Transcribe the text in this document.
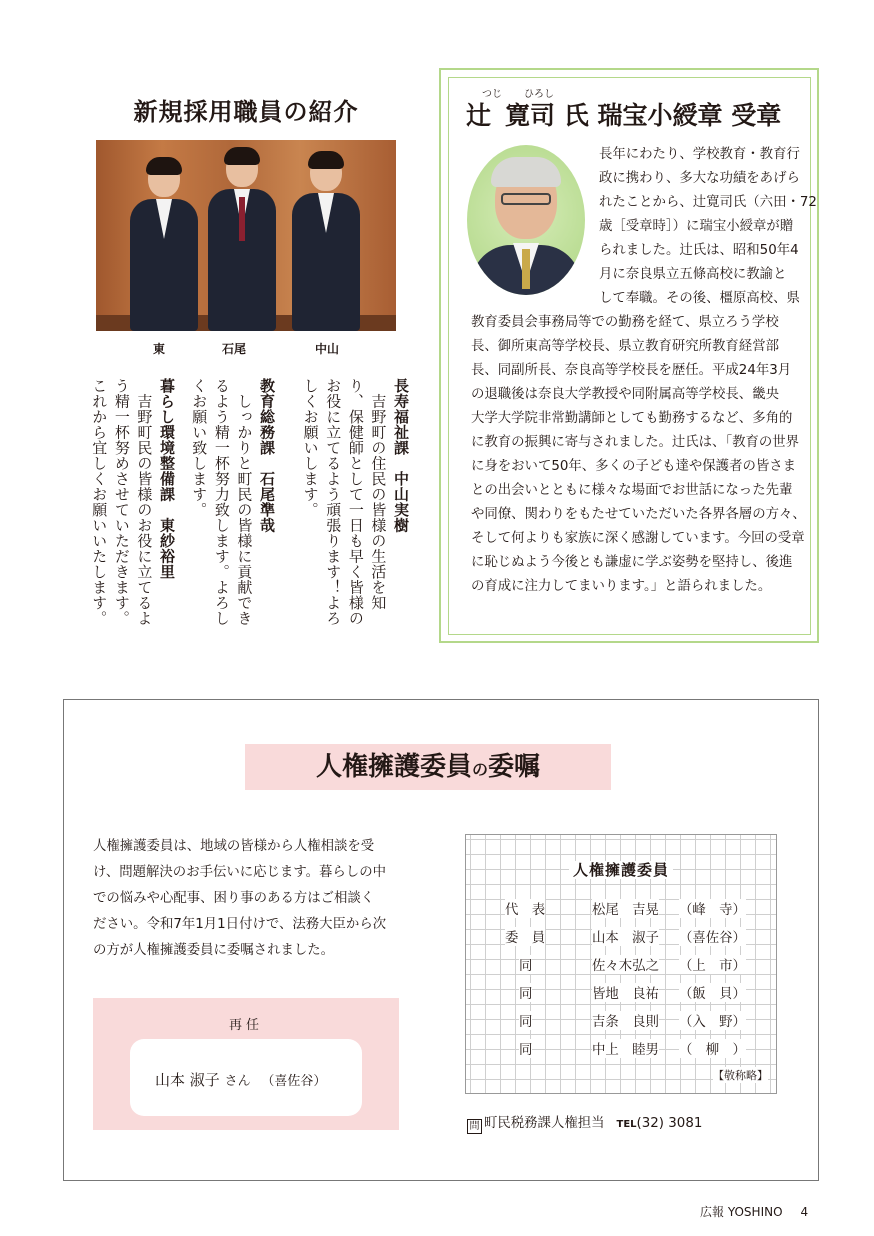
新規採用職員の紹介
東	石尾	中山
長寿福祉課　中山実樹
　吉野町の住民の皆様の生活を知り、保健師として一日も早く皆様のお役に立てるよう頑張ります！よろしくお願いします。
教育総務課　石尾準哉
　しっかりと町民の皆様に貢献できるよう精一杯努力致します。よろしくお願い致します。
暮らし環境整備課　東紗裕里
　吉野町民の皆様のお役に立てるよう精一杯努めさせていただきます。これから宜しくお願いいたします。
つじ ひろし
辻 寛司 氏 瑞宝小綬章 受章
長年にわたり、学校教育・教育行
政に携わり、多大な功績をあげら
れたことから、辻寛司氏（六田・72
歳［受章時］）に瑞宝小綬章が贈
られました。辻氏は、昭和50年4
月に奈良県立五條高校に教諭と
して奉職。その後、橿原高校、県
教育委員会事務局等での勤務を経て、県立ろう学校
長、御所東高等学校長、県立教育研究所教育経営部
長、同副所長、奈良高等学校長を歴任。平成24年3月
の退職後は奈良大学教授や同附属高等学校長、畿央
大学大学院非常勤講師としても勤務するなど、多角的
に教育の振興に寄与されました。辻氏は、「教育の世界
に身をおいて50年、多くの子ども達や保護者の皆さま
との出会いとともに様々な場面でお世話になった先輩
や同僚、関わりをもたせていただいた各界各層の方々、
そして何よりも家族に深く感謝しています。今回の受章
に恥じぬよう今後とも謙虚に学ぶ姿勢を堅持し、後進
の育成に注力してまいります。」と語られました。
人権擁護委員の委嘱
人権擁護委員は、地域の皆様から人権相談を受
け、問題解決のお手伝いに応じます。暮らしの中
での悩みや心配事、困り事のある方はご相談く
ださい。令和7年1月1日付けで、法務大臣から次
の方が人権擁護委員に委嘱されました。
再任
山本 淑子 さん （喜佐谷）
人権擁護委員
代　表	松尾　吉晃 （峰　寺）
委　員	山本　淑子 （喜佐谷）
同	佐々木弘之 （上　市）
同	皆地　良祐 （飯　貝）
同	吉条　良則 （入　野）
同	中上　睦男 （　柳　）
【敬称略】
問 町民税務課人権担当 TEL(32) 3081
広報 YOSHINO 4
